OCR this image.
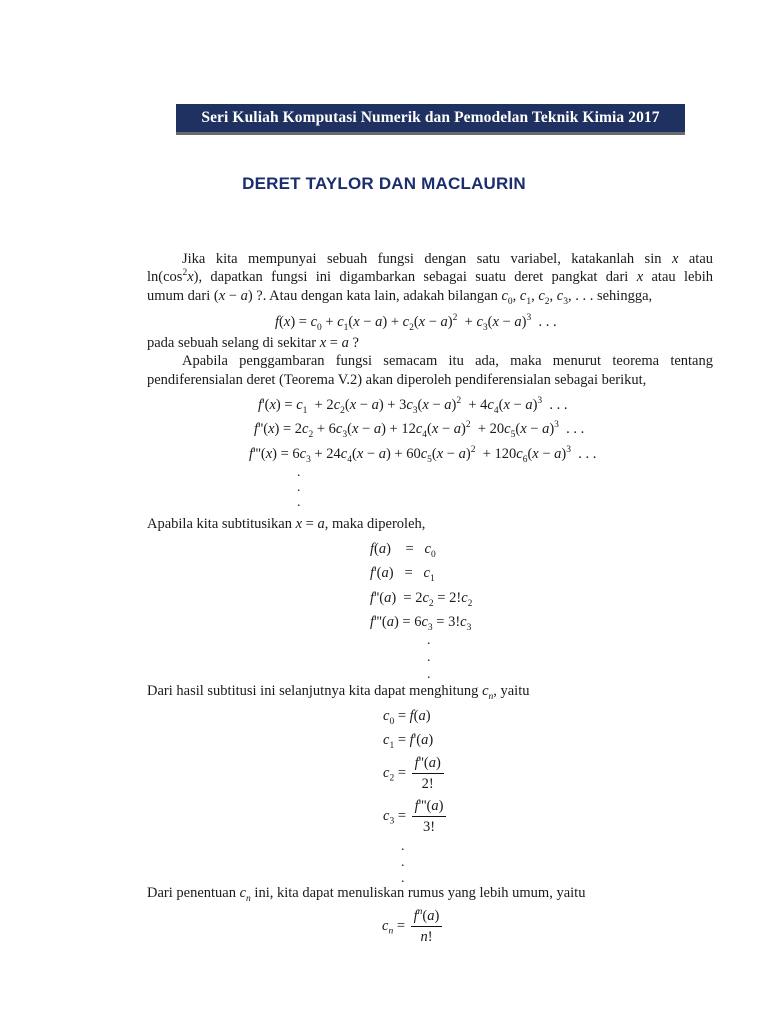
Seri Kuliah Komputasi Numerik dan Pemodelan Teknik Kimia 2017
DERET TAYLOR DAN MACLAURIN
Jika kita mempunyai sebuah fungsi dengan satu variabel, katakanlah sin x atau
$\ln(\cos^2x)$, dapatkan fungsi ini digambarkan sebagai suatu deret pangkat dari x atau lebih
umum dari (x − a) ?. Atau dengan kata lain, adakah bilangan $c_0$, $c_1$, $c_2$, $c_3$, . . . sehingga,
$f(x) = c_0 + c_1(x - a) + c_2(x - a)^2 + c_3(x - a)^3$  . . .
pada sebuah selang di sekitar x = a ?
Apabila penggambaran fungsi semacam itu ada, maka menurut teorema tentang
pendiferensialan deret (Teorema V.2) akan diperoleh pendiferensialan sebagai berikut,
$f'(x) = c_1 + 2c_2(x - a) + 3c_3(x - a)^2 + 4c_4(x - a)^3$  . . .
$f''(x) = 2c_2 + 6c_3(x - a) + 12c_4(x - a)^2 + 20c_5(x - a)^3$  . . .
$f'''(x) = 6c_3 + 24c_4(x - a) + 60c_5(x - a)^2 + 120c_6(x - a)^3$  . . .
.
.
.
Apabila kita subtitusikan x = a, maka diperoleh,
f(a)    =   $c_0$
$f'(a) = c_1$
$f''(a) = 2c_2 = 2!c_2$
$f'''(a) = 6c_3 = 3!c_3$
.
.
.
Dari hasil subtitusi ini selanjutnya kita dapat menghitung $c_n$, yaitu
$c_0 = f(a)$
$c_1 = f'(a)$
$c_2 = \frac{f''(a)}{2!}$
$c_3 = \frac{f'''(a)}{3!}$
.
.
.
Dari penentuan $c_n$ ini, kita dapat menuliskan rumus yang lebih umum, yaitu
$c_n = \frac{f^n(a)}{n!}$
